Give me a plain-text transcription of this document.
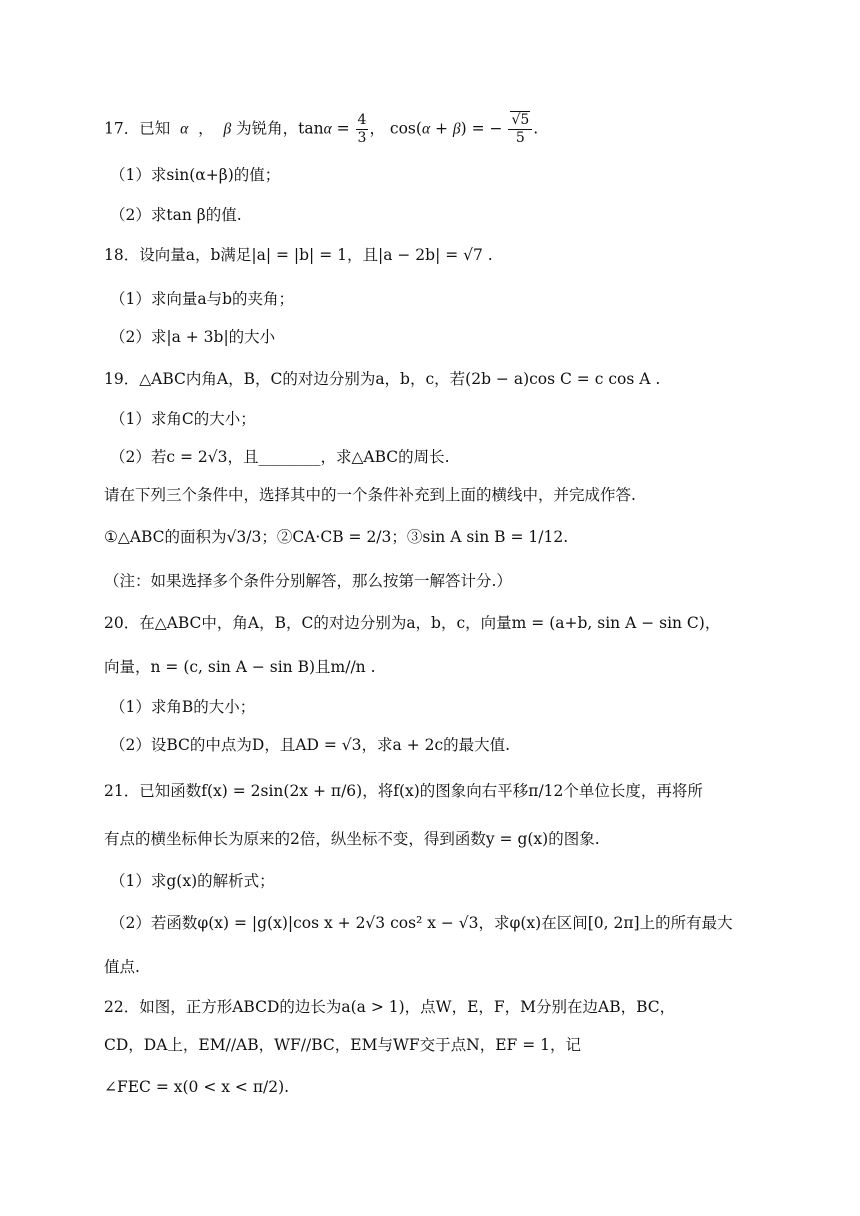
17．已知  α  ，  β 为锐角，$\tan\alpha = \frac{4}{3}$ ， cos(α + β) = − $\frac{√5}{5}$ .
（1）求sin(α+β)的值；
（2）求tan β的值.
18．设向量a，b满足|a| = |b| = 1，且|a − 2b| = √7 .
（1）求向量a与b的夹角；
（2）求|a + 3b|的大小
19．△ABC内角A，B，C的对边分别为a，b，c，若(2b − a)cos C = c cos A .
（1）求角C的大小；
（2）若c = 2√3，且________，求△ABC的周长.
请在下列三个条件中，选择其中的一个条件补充到上面的横线中，并完成作答.
①△ABC的面积为√3/3；②CA·CB = 2/3；③sin A sin B = 1/12.
（注：如果选择多个条件分别解答，那么按第一解答计分.）
20．在△ABC中，角A，B，C的对边分别为a，b，c，向量m = (a+b, sin A − sin C)，
向量，n = (c, sin A − sin B)且m//n .
（1）求角B的大小；
（2）设BC的中点为D，且AD = √3，求a + 2c的最大值.
21．已知函数f(x) = 2sin(2x + π/6)，将f(x)的图象向右平移π/12个单位长度，再将所
有点的横坐标伸长为原来的2倍，纵坐标不变，得到函数y = g(x)的图象.
（1）求g(x)的解析式；
（2）若函数φ(x) = |g(x)|cos x + 2√3 cos² x − √3，求φ(x)在区间[0, 2π]上的所有最大
值点.
22．如图，正方形ABCD的边长为a(a > 1)，点W，E，F，M分别在边AB，BC，
CD，DA上，EM//AB，WF//BC，EM与WF交于点N，EF = 1，记
∠FEC = x(0 < x < π/2).
